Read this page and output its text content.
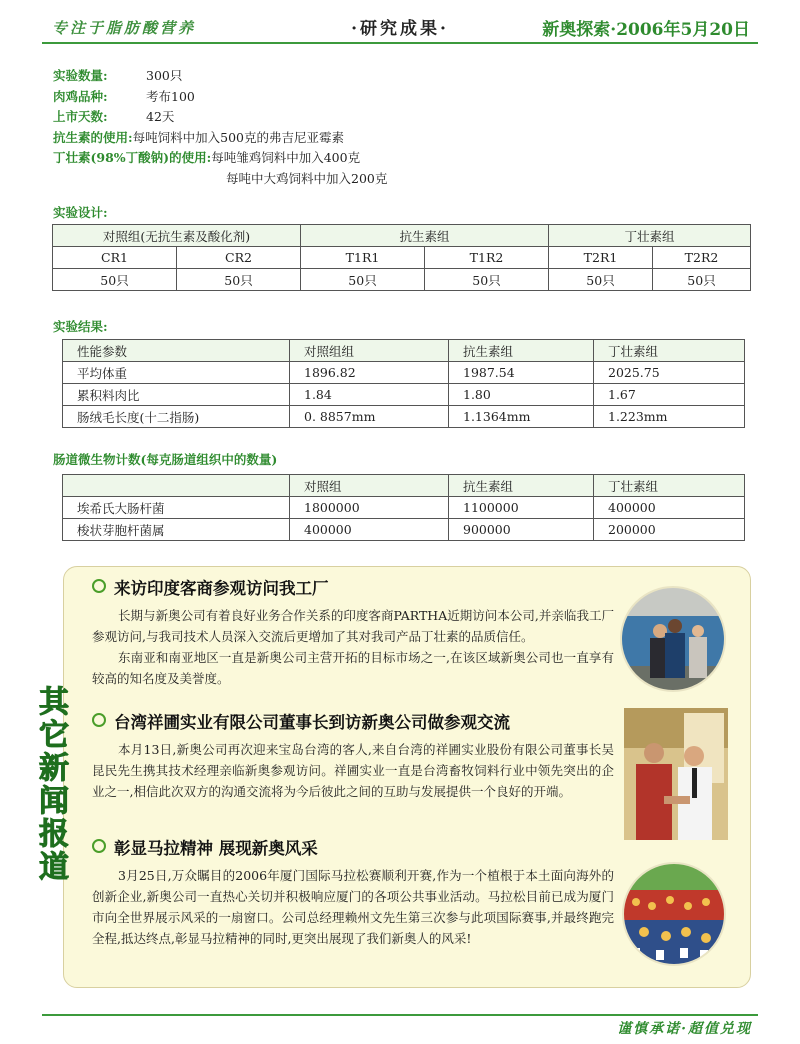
专注于脂肪酸营养	·研究成果·	新奥探索·2006年5月20日
实验数量:	300只
肉鸡品种:	考布100
上市天数:	42天
抗生素的使用:每吨饲料中加入500克的弗吉尼亚霉素
丁壮素(98%丁酸钠)的使用:每吨雏鸡饲料中加入400克
每吨中大鸡饲料中加入200克
实验设计:
对照组(无抗生素及酸化剂)		抗生素组		丁壮素组	
CR1	CR2	T1R1	T1R2	T2R1	T2R2
50只	50只	50只	50只	50只	50只
实验结果:
性能参数	对照组组	抗生素组	丁壮素组
平均体重	1896.82	1987.54	2025.75
累积料肉比	1.84	1.80	1.67
肠绒毛长度(十二指肠)	0. 8857mm	1.1364mm	1.223mm
肠道微生物计数(每克肠道组织中的数量)
	对照组	抗生素组	丁壮素组
埃希氏大肠杆菌	1800000	1100000	400000
梭状芽胞杆菌属	400000	900000	200000
其
它
新
闻
报
道
来访印度客商参观访问我工厂

长期与新奥公司有着良好业务合作关系的印度客商PARTHA近期访问本公司,并亲临我工厂参观访问,与我司技术人员深入交流后更增加了其对我司产品丁壮素的品质信任。

东南亚和南亚地区一直是新奥公司主营开拓的目标市场之一,在该区域新奥公司也一直享有较高的知名度及美誉度。

台湾祥圃实业有限公司董事长到访新奥公司做参观交流

本月13日,新奥公司再次迎来宝岛台湾的客人,来自台湾的祥圃实业股份有限公司董事长吴昆民先生携其技术经理亲临新奥参观访问。祥圃实业一直是台湾畜牧饲料行业中领先突出的企业之一,相信此次双方的沟通交流将为今后彼此之间的互助与发展提供一个良好的开端。

彰显马拉精神 展现新奥风采

3月25日,万众瞩目的2006年厦门国际马拉松赛顺利开赛,作为一个植根于本土面向海外的创新企业,新奥公司一直热心关切并积极响应厦门的各项公共事业活动。马拉松目前已成为厦门市向全世界展示风采的一扇窗口。公司总经理赖州文先生第三次参与此项国际赛事,并最终跑完全程,抵达终点,彰显马拉精神的同时,更突出展现了我们新奥人的风采!

谨慎承诺·超值兑现
